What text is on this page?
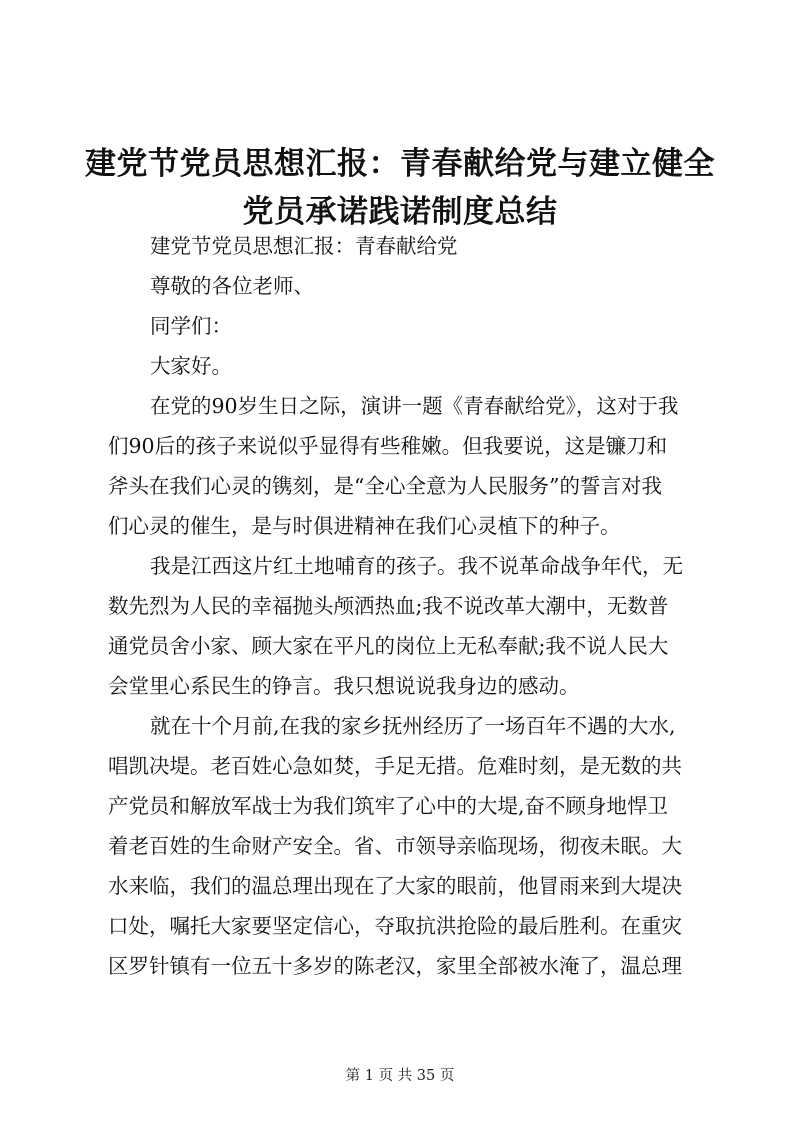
建党节党员思想汇报：青春献给党与建立健全
党员承诺践诺制度总结
建党节党员思想汇报：青春献给党
尊敬的各位老师、
同学们：
大家好。
在党的90岁生日之际，演讲一题《青春献给党》，这对于我
们90后的孩子来说似乎显得有些稚嫩。但我要说，这是镰刀和
斧头在我们心灵的镌刻，是“全心全意为人民服务”的誓言对我
们心灵的催生，是与时俱进精神在我们心灵植下的种子。
我是江西这片红土地哺育的孩子。我不说革命战争年代，无
数先烈为人民的幸福抛头颅洒热血;我不说改革大潮中，无数普
通党员舍小家、顾大家在平凡的岗位上无私奉献;我不说人民大
会堂里心系民生的铮言。我只想说说我身边的感动。
就在十个月前,在我的家乡抚州经历了一场百年不遇的大水,
唱凯决堤。老百姓心急如焚，手足无措。危难时刻，是无数的共
产党员和解放军战士为我们筑牢了心中的大堤,奋不顾身地悍卫
着老百姓的生命财产安全。省、市领导亲临现场，彻夜未眠。大
水来临，我们的温总理出现在了大家的眼前，他冒雨来到大堤决
口处，嘱托大家要坚定信心，夺取抗洪抢险的最后胜利。在重灾
区罗针镇有一位五十多岁的陈老汉，家里全部被水淹了，温总理
第 1 页 共 35 页
